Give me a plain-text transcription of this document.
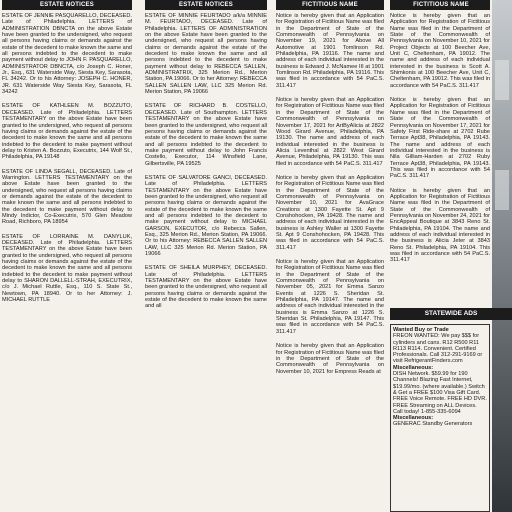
ESTATE NOTICES

ESTATE OF JENNIE PASQUARELLO, DECEASED. Late of Philadelphia. LETTERS of ADMINISTRATION DBNCTA on the above Estate have been granted to the undersigned, who request all persons having claims or demands against the estate of the decedent to make known the same and all persons indebted to the decedent to make payment without delay to JOHN F. PASQUARELLO, ADMINISTRATOR DBNCTA, c/o Joseph C. Honer, Jr., Esq., 631 Waterside Way, Siesta Key, Sarasota, FL 34242. Or to his Attorney: JOSEPH C. HONER, JR. 631 Waterside Way Siesta Key, Sarasota, FL 34242

ESTATE OF KATHLEEN M. BOZZUTO, DECEASED. Late of Philadelphia. LETTERS TESTAMENTARY on the above Estate have been granted to the undersigned, who request all persons having claims or demands against the estate of the decedent to make known the same and all persons indebted to the decedent to make payment without delay to Kristen A. Bozzuto, Executrix, 144 Wolf St., Philadelphia, PA 19148

ESTATE OF LINDA SEGALL, DECEASED. Late of Warrington. LETTERS TESTAMENTARY on the above Estate have been granted to the undersigned, who request all persons having claims or demands against the estate of the decedent to make known the same and all persons indebted to the decedent to make payment without delay to Mindy Indictor, Co-Executrix, 570 Glen Meadow Road, Richboro, PA 18954

ESTATE OF LORRAINE M. DANYLUK, DECEASED. Late of Philadelphia. LETTERS TESTAMENTARY on the above Estate have been granted to the undersigned, who request all persons having claims or demands against the estate of the decedent to make known the same and all persons indebted to the decedent to make payment without delay to SHARON DALLELL-STRAH, EXECUTRIX, c/o J. Michael Ruttle, Esq., 110 S. State St., Newtown, PA 18940. Or to her Attorney: J. MICHAEL RUTTLE

ESTATE NOTICES

ESTATE OF MINNIE FEURTADO a/k/a MINNIE M. FEURTADO, DECEASED. Late of Philadelphia. LETTERS OF ADMINISTRATION on the above Estate have been granted to the undersigned, who request all persons having claims or demands against the estate of the decedent to make known the same and all persons indebted to the decedent to make payment without delay to REBECCA SALLEN, ADMINISTRATRIX, 325 Merion Rd., Merion Station, PA 19066. Or to her Attorney: REBECCA SALLEN SALLEN LAW, LLC 325 Merion Rd. Merion Station, PA 19066

ESTATE OF RICHARD B. COSTELLO, DECEASED. Late of Southampton. LETTERS TESTAMENTARY on the above Estate have been granted to the undersigned, who request all persons having claims or demands against the estate of the decedent to make known the same and all persons indebted to the decedent to make payment without delay to John Francis Costello, Executor, 114 Winsfield Lane, Gilbertsville, PA 19525

ESTATE OF SALVATORE GANCI, DECEASED. Late of Philadelphia. LETTERS TESTAMENTARY on the above Estate have been granted to the undersigned, who request all persons having claims or demands against the estate of the decedent to make known the same and all persons indebted to the decedent to make payment without delay to MICHAEL GARSON, EXECUTOR, c/o Rebecca Sallen, Esq., 325 Merion Rd., Merion Station, PA 19066. Or to his Attorney: REBECCA SALLEN SALLEN LAW, LLC 325 Merion Rd. Merion Station, PA 19066

ESTATE OF SHEILA MURPHEY, DECEASED. Late of Philadelphia. LETTERS TESTAMENTARY on the above Estate have been granted to the undersigned, who request all persons having claims or demands against the estate of the decedent to make known the same and all

FICTITIOUS NAME

Notice is hereby given that an Application for Registration of Fictitious Name was filed in the Department of State of the Commonwealth of Pennsylvania on November 19, 2021 for Above All Automotive at 1901 Tomlinson Rd. Philadelphia, PA 19116. The name and address of each individual interested in the business is Edward J. McNamee III at 1901 Tomlinson Rd. Philadelphia, PA 19116. This was filed in accordance with 54 PaC.S. 311.417

Notice is hereby given that an Application for Registration of Fictitious Name was filed in the Department of State of the Commonwealth of Pennsylvania on November 17, 2021 for ArtByAlicia at 2822 Wood Girard Avenue, Philadelphia, PA 19130. The name and address of each individual interested in the business is Alicia Leventhal at 2822 West Girard Avenue, Philadelphia, PA 19130. This was filed in accordance with 54 PaC.S. 311.417

Notice is hereby given that an Application for Registration of Fictitious Name was filed in the Department of State of the Commonwealth of Pennsylvania on November 10, 2021 for AvaGrace Creations at 1300 Fayette St. Apt 9 Conshohocken, PA 19428. The name and address of each individual interested in the business is Ashley Waller at 1300 Fayette St. Apt 9 Conshohocken, PA 19428. This was filed in accordance with 54 PaC.S. 311.417

Notice is hereby given that an Application for Registration of Fictitious Name was filed in the Department of State of the Commonwealth of Pennsylvania on November 05, 2021 for Emma Sanzo Events at 1226 S. Sheridan St. Philadelphia, PA 19147. The name and address of each individual interested in the business is Emma Sanzo at 1226 S. Sheridan St. Philadelphia, PA 19147. This was filed in accordance with 54 PaC.S. 311.417

Notice is hereby given that an Application for Registration of Fictitious Name was filed in the Department of State of the Commonwealth of Pennsylvania on November 10, 2021 for Empress Reads at

FICTITIOUS NAME

Notice is hereby given that an Application for Registration of Fictitious Name was filed in the Department of State of the Commonwealth of Pennsylvania on November 10, 2021 for Project Objects at 100 Beecher Ave, Unit C, Cheltenham, PA 19012. The name and address of each individual interested in the business is Scott A. Shimkonis at 100 Beecher Ave, Unit C, Cheltenham, PA 19012. This was filed in accordance with 54 PaC.S. 311.417

Notice is hereby given that an Application for Registration of Fictitious Name was filed in the Department of State of the Commonwealth of Pennsylvania on November 17, 2021 for Safety First Ride-share at 2702 Rube Terrace Apt38, Philadelphia, PA 19143. The name and address of each individual interested in the business is Nila Gilliam-Harden at 2702 Ruby Terrace Apt38, Philadelphia, PA 19143. This was filed in accordance with 54 PaC.S. 311.417

Notice is hereby given that an Application for Registration of Fictitious Name was filed in the Department of State of the Commonwealth of Pennsylvania on November 24, 2021 for EncAppeal Boutique at 3843 Reno St. Philadelphia, PA 19104. The name and address of each individual interested in the business is Alicia Jeter at 3843 Reno St. Philadelphia, PA 19104. This was filed in accordance with 54 PaC.S. 311.417

STATEWIDE ADS
Wanted Buy or Trade
FREON WANTED: We pay $$$ for cylinders and cans. R12 R500 R11 R113 R114. Convenient. Certified Professionals. Call 312-291-9169 or visit RefrigerantFinders.com
Miscellaneous:
DISH Network. $59.99 for 190 Channels! Blazing Fast Internet, $19.99/mo. (where available.) Switch & Get a FREE $100 Visa Gift Card. FREE Voice Remote. FREE HD DVR. FREE Streaming on ALL Devices. Call today! 1-855-335-6094
Miscellaneous:
GENERAC Standby Generators
